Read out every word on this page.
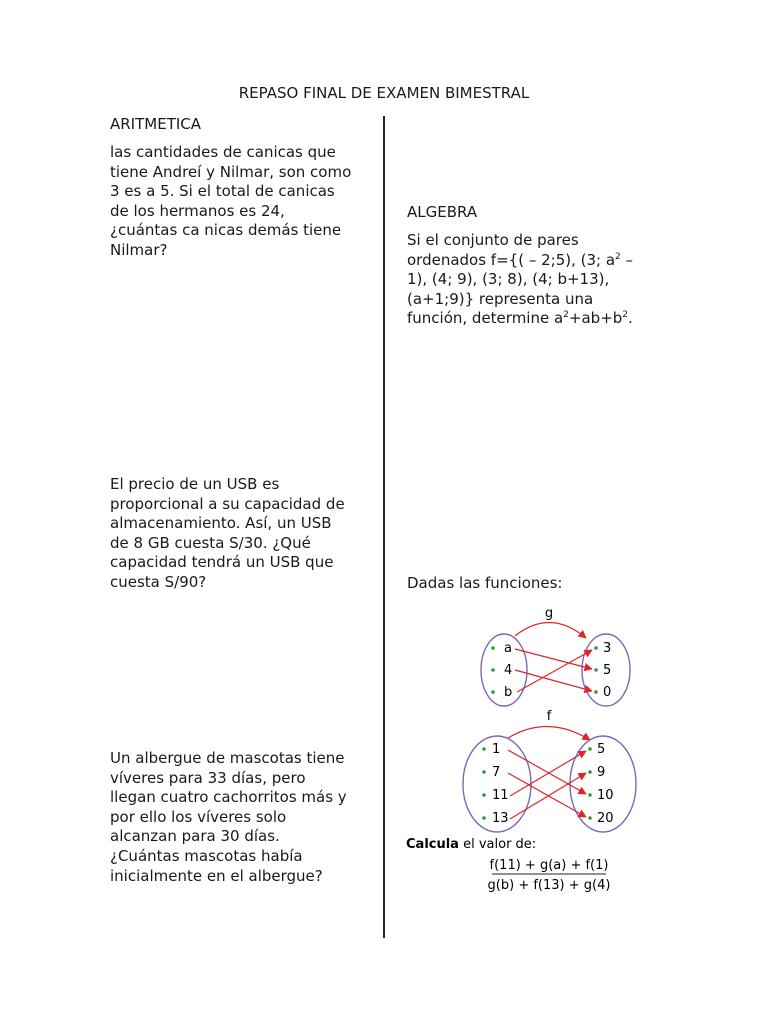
REPASO FINAL DE EXAMEN BIMESTRAL
ARITMETICA
las cantidades de canicas que
tiene Andreí y Nilmar, son como
3 es a 5. Si el total de canicas
de los hermanos es 24,
¿cuántas ca nicas demás tiene
Nilmar?
El precio de un USB es
proporcional a su capacidad de
almacenamiento. Así, un USB
de 8 GB cuesta S/30. ¿Qué
capacidad tendrá un USB que
cuesta S/90?
Un albergue de mascotas tiene
víveres para 33 días, pero
llegan cuatro cachorritos más y
por ello los víveres solo
alcanzan para 30 días.
¿Cuántas mascotas había
inicialmente en el albergue?
ALGEBRA
Si el conjunto de pares
ordenados f={( – 2;5), (3; $a^2$ –
1), (4; 9), (3; 8), (4; b+13),
(a+1;9)} representa una
función, determine $a^2+ab+b^2$.
Dadas las funciones:
g
a
4
b
3
5
0
f
1
7
11
13
5
9
10
20
Calcula el valor de:
f(11) + g(a) + f(1)
g(b) + f(13) + g(4)
